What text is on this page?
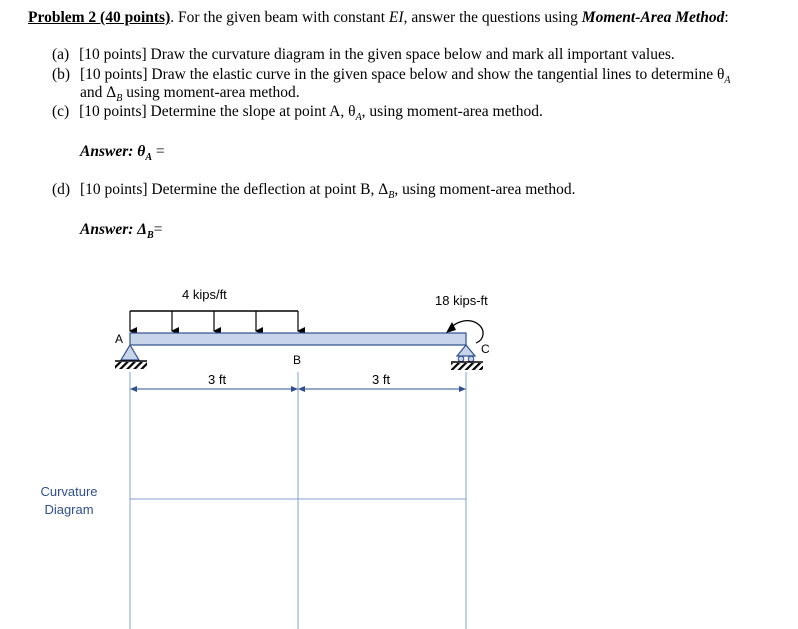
Problem 2 (40 points). For the given beam with constant EI, answer the questions using Moment-Area Method:
(a) [10 points] Draw the curvature diagram in the given space below and mark all important values.
(b) [10 points] Draw the elastic curve in the given space below and show the tangential lines to determine $\theta_A$
and $\Delta_B$ using moment-area method.
(c) [10 points] Determine the slope at point A, $\theta_A$, using moment-area method.
Answer: $\theta_A$ =
(d) [10 points] Determine the deflection at point B, $\Delta_B$, using moment-area method.
Answer: $\Delta_B=$
4 kips/ft
A
C
18 kips-ft
B
3 ft	3 ft
Curvature
Diagram
